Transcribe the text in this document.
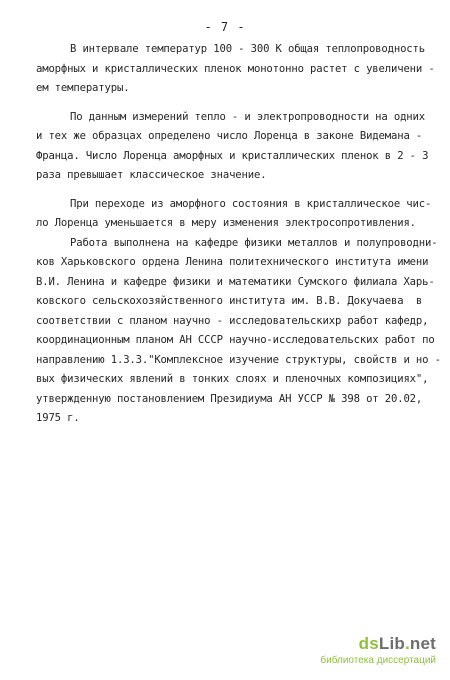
- 7 -
В интервале температур 100 - 300 К общая теплопроводность
аморфных и кристаллических пленок монотонно растет с увеличени -
ем температуры.
По данным измерений тепло - и электропроводности на одних
и тех же образцах определено число Лоренца в законе Видемана -
Франца. Число Лоренца аморфных и кристаллических пленок в 2 - 3
раза превышает классическое значение.
При переходе из аморфного состояния в кристаллическое чис-
ло Лоренца уменьшается в меру изменения электросопротивления.
Работа выполнена на кафедре физики металлов и полупроводни-
ков Харьковского ордена Ленина политехнического института имени
В.И. Ленина и кафедре физики и математики Сумского филиала Харь-
ковского сельскохозяйственного института им. В.В. Докучаева  в
соответствии с планом научно - исследовательскихр работ кафедр,
координационным планом АН СССР научно-исследовательских работ по
направлению 1.3.3."Комплексное изучение структуры, свойств и но -
вых физических явлений в тонких слоях и пленочных композициях",
утвержденную постановлением Президиума АН УССР № 398 от 20.02,
1975 г.
dsLib.net
библиотека диссертаций
